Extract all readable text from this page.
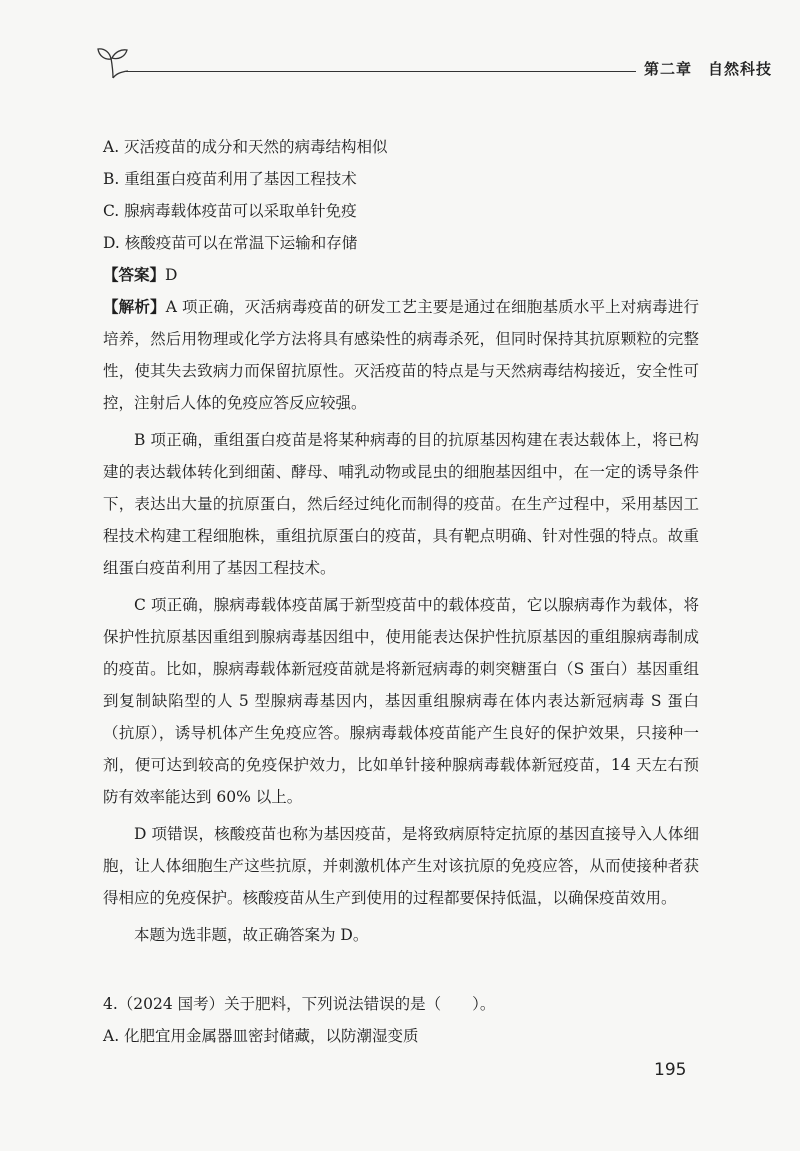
第二章　自然科技
A. 灭活疫苗的成分和天然的病毒结构相似
B. 重组蛋白疫苗利用了基因工程技术
C. 腺病毒载体疫苗可以采取单针免疫
D. 核酸疫苗可以在常温下运输和存储
【答案】D
【解析】A 项正确，灭活病毒疫苗的研发工艺主要是通过在细胞基质水平上对病毒进行培养，然后用物理或化学方法将具有感染性的病毒杀死，但同时保持其抗原颗粒的完整性，使其失去致病力而保留抗原性。灭活疫苗的特点是与天然病毒结构接近，安全性可控，注射后人体的免疫应答反应较强。
B 项正确，重组蛋白疫苗是将某种病毒的目的抗原基因构建在表达载体上，将已构建的表达载体转化到细菌、酵母、哺乳动物或昆虫的细胞基因组中，在一定的诱导条件下，表达出大量的抗原蛋白，然后经过纯化而制得的疫苗。在生产过程中，采用基因工程技术构建工程细胞株，重组抗原蛋白的疫苗，具有靶点明确、针对性强的特点。故重组蛋白疫苗利用了基因工程技术。
C 项正确，腺病毒载体疫苗属于新型疫苗中的载体疫苗，它以腺病毒作为载体，将保护性抗原基因重组到腺病毒基因组中，使用能表达保护性抗原基因的重组腺病毒制成的疫苗。比如，腺病毒载体新冠疫苗就是将新冠病毒的刺突糖蛋白（S 蛋白）基因重组到复制缺陷型的人 5 型腺病毒基因内，基因重组腺病毒在体内表达新冠病毒 S 蛋白（抗原），诱导机体产生免疫应答。腺病毒载体疫苗能产生良好的保护效果，只接种一剂，便可达到较高的免疫保护效力，比如单针接种腺病毒载体新冠疫苗，14 天左右预防有效率能达到 60% 以上。
D 项错误，核酸疫苗也称为基因疫苗，是将致病原特定抗原的基因直接导入人体细胞，让人体细胞生产这些抗原，并刺激机体产生对该抗原的免疫应答，从而使接种者获得相应的免疫保护。核酸疫苗从生产到使用的过程都要保持低温，以确保疫苗效用。
本题为选非题，故正确答案为 D。
4.（2024 国考）关于肥料，下列说法错误的是（　　）。
A. 化肥宜用金属器皿密封储藏，以防潮湿变质
195
